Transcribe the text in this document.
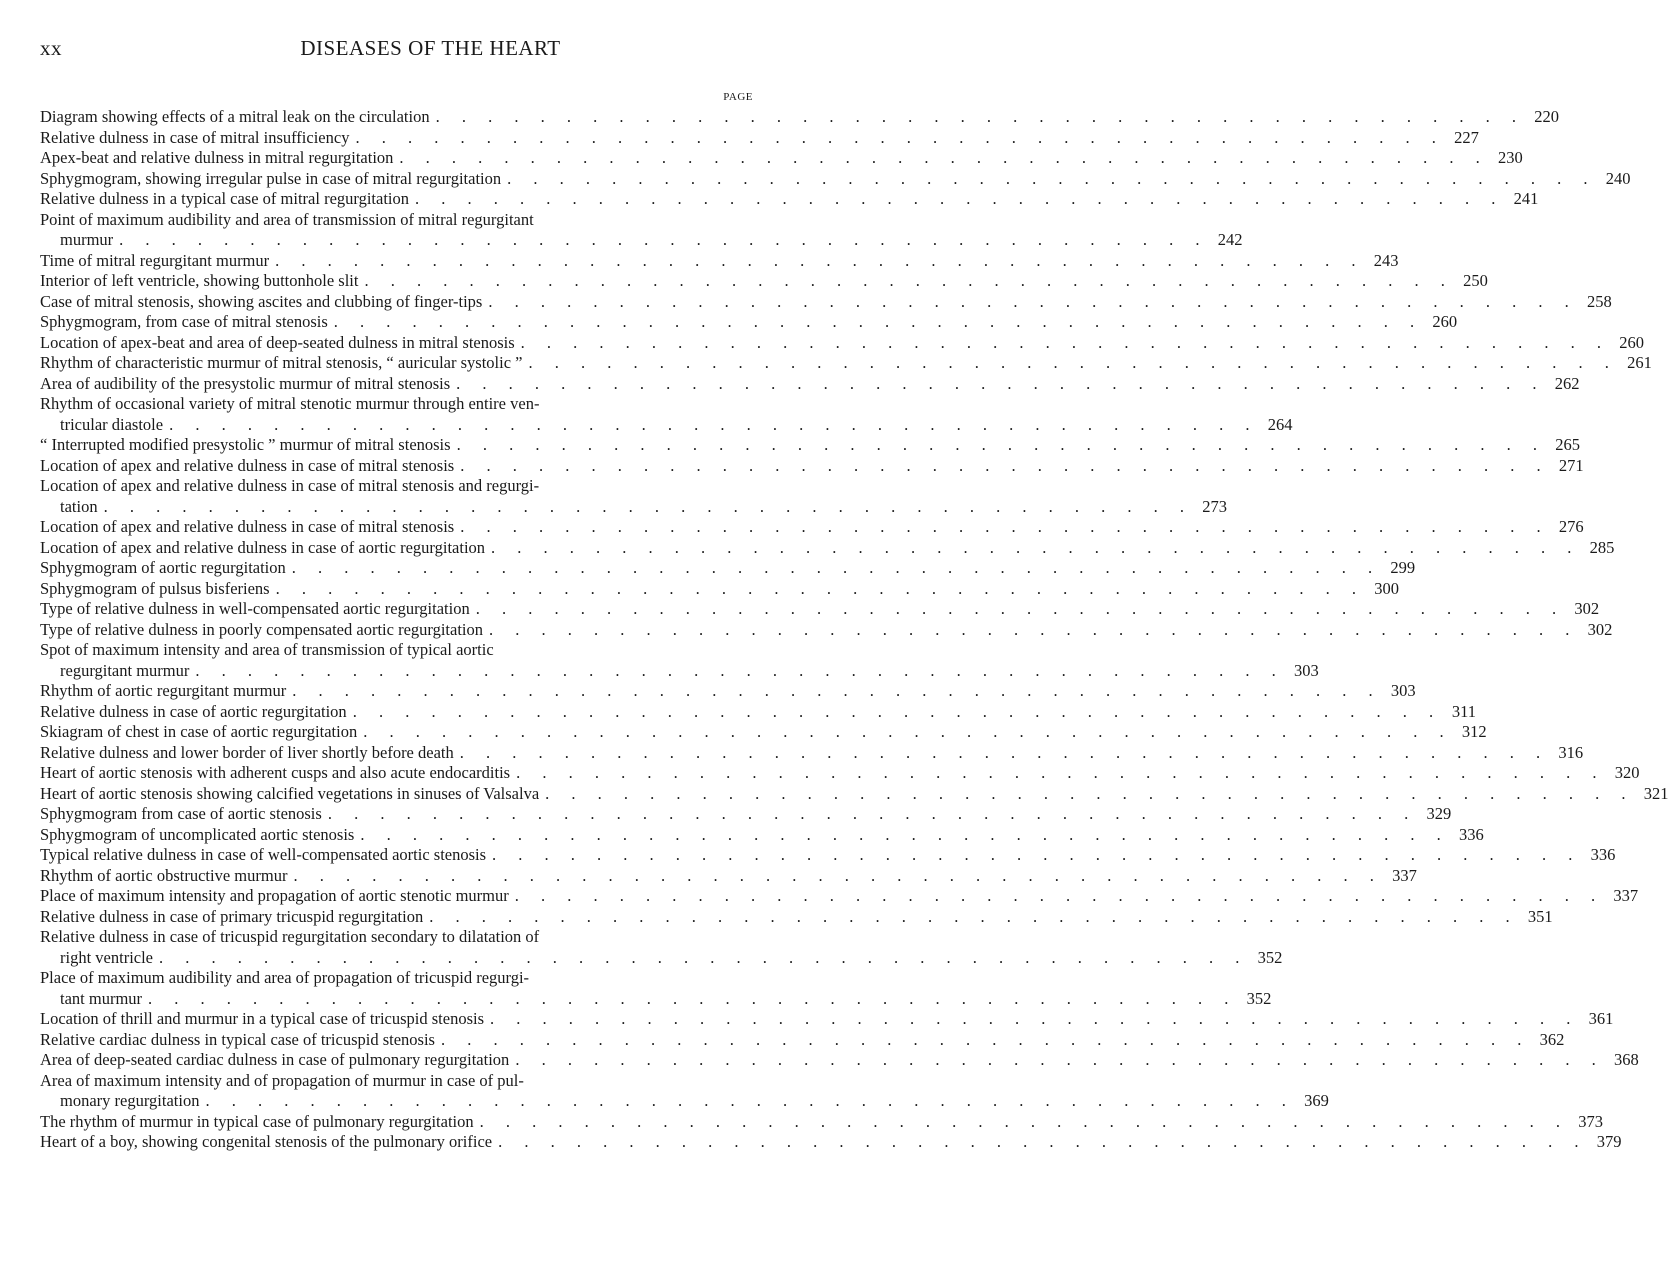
xx	DISEASES OF THE HEART
PAGE
Diagram showing effects of a mitral leak on the circulation . . . . . . . . . . . . . . . . . . . . . . . . . . . . . . . . . . . . . . . . . . 220
Relative dulness in case of mitral insufficiency . . . . . . . . . . . . . . . . . . . . . . . . . . . . . . . . . . . . . . . . . . 227
Apex-beat and relative dulness in mitral regurgitation . . . . . . . . . . . . . . . . . . . . . . . . . . . . . . . . . . . . . . . . . . 230
Sphygmogram, showing irregular pulse in case of mitral regurgitation . . . . . . . . . . . . . . . . . . . . . . . . . . . . . . . . . . . . . . . . . . 240
Relative dulness in a typical case of mitral regurgitation . . . . . . . . . . . . . . . . . . . . . . . . . . . . . . . . . . . . . . . . . . 241
Point of maximum audibility and area of transmission of mitral regurgitant
murmur . . . . . . . . . . . . . . . . . . . . . . . . . . . . . . . . . . . . . . . . . . 242
Time of mitral regurgitant murmur . . . . . . . . . . . . . . . . . . . . . . . . . . . . . . . . . . . . . . . . . . 243
Interior of left ventricle, showing buttonhole slit . . . . . . . . . . . . . . . . . . . . . . . . . . . . . . . . . . . . . . . . . . 250
Case of mitral stenosis, showing ascites and clubbing of finger-tips . . . . . . . . . . . . . . . . . . . . . . . . . . . . . . . . . . . . . . . . . . 258
Sphygmogram, from case of mitral stenosis . . . . . . . . . . . . . . . . . . . . . . . . . . . . . . . . . . . . . . . . . . 260
Location of apex-beat and area of deep-seated dulness in mitral stenosis . . . . . . . . . . . . . . . . . . . . . . . . . . . . . . . . . . . . . . . . . . 260
Rhythm of characteristic murmur of mitral stenosis, “ auricular systolic ” . . . . . . . . . . . . . . . . . . . . . . . . . . . . . . . . . . . . . . . . . . 261
Area of audibility of the presystolic murmur of mitral stenosis . . . . . . . . . . . . . . . . . . . . . . . . . . . . . . . . . . . . . . . . . . 262
Rhythm of occasional variety of mitral stenotic murmur through entire ven-
tricular diastole . . . . . . . . . . . . . . . . . . . . . . . . . . . . . . . . . . . . . . . . . . 264
“ Interrupted modified presystolic ” murmur of mitral stenosis . . . . . . . . . . . . . . . . . . . . . . . . . . . . . . . . . . . . . . . . . . 265
Location of apex and relative dulness in case of mitral stenosis . . . . . . . . . . . . . . . . . . . . . . . . . . . . . . . . . . . . . . . . . . 271
Location of apex and relative dulness in case of mitral stenosis and regurgi-
tation . . . . . . . . . . . . . . . . . . . . . . . . . . . . . . . . . . . . . . . . . . 273
Location of apex and relative dulness in case of mitral stenosis . . . . . . . . . . . . . . . . . . . . . . . . . . . . . . . . . . . . . . . . . . 276
Location of apex and relative dulness in case of aortic regurgitation . . . . . . . . . . . . . . . . . . . . . . . . . . . . . . . . . . . . . . . . . . 285
Sphygmogram of aortic regurgitation . . . . . . . . . . . . . . . . . . . . . . . . . . . . . . . . . . . . . . . . . . 299
Sphygmogram of pulsus bisferiens . . . . . . . . . . . . . . . . . . . . . . . . . . . . . . . . . . . . . . . . . . 300
Type of relative dulness in well-compensated aortic regurgitation . . . . . . . . . . . . . . . . . . . . . . . . . . . . . . . . . . . . . . . . . . 302
Type of relative dulness in poorly compensated aortic regurgitation . . . . . . . . . . . . . . . . . . . . . . . . . . . . . . . . . . . . . . . . . . 302
Spot of maximum intensity and area of transmission of typical aortic
regurgitant murmur . . . . . . . . . . . . . . . . . . . . . . . . . . . . . . . . . . . . . . . . . . 303
Rhythm of aortic regurgitant murmur . . . . . . . . . . . . . . . . . . . . . . . . . . . . . . . . . . . . . . . . . . 303
Relative dulness in case of aortic regurgitation . . . . . . . . . . . . . . . . . . . . . . . . . . . . . . . . . . . . . . . . . . 311
Skiagram of chest in case of aortic regurgitation . . . . . . . . . . . . . . . . . . . . . . . . . . . . . . . . . . . . . . . . . . 312
Relative dulness and lower border of liver shortly before death . . . . . . . . . . . . . . . . . . . . . . . . . . . . . . . . . . . . . . . . . . 316
Heart of aortic stenosis with adherent cusps and also acute endocarditis . . . . . . . . . . . . . . . . . . . . . . . . . . . . . . . . . . . . . . . . . . 320
Heart of aortic stenosis showing calcified vegetations in sinuses of Valsalva . . . . . . . . . . . . . . . . . . . . . . . . . . . . . . . . . . . . . . . . . . 321
Sphygmogram from case of aortic stenosis . . . . . . . . . . . . . . . . . . . . . . . . . . . . . . . . . . . . . . . . . . 329
Sphygmogram of uncomplicated aortic stenosis . . . . . . . . . . . . . . . . . . . . . . . . . . . . . . . . . . . . . . . . . . 336
Typical relative dulness in case of well-compensated aortic stenosis . . . . . . . . . . . . . . . . . . . . . . . . . . . . . . . . . . . . . . . . . . 336
Rhythm of aortic obstructive murmur . . . . . . . . . . . . . . . . . . . . . . . . . . . . . . . . . . . . . . . . . . 337
Place of maximum intensity and propagation of aortic stenotic murmur . . . . . . . . . . . . . . . . . . . . . . . . . . . . . . . . . . . . . . . . . . 337
Relative dulness in case of primary tricuspid regurgitation . . . . . . . . . . . . . . . . . . . . . . . . . . . . . . . . . . . . . . . . . . 351
Relative dulness in case of tricuspid regurgitation secondary to dilatation of
right ventricle . . . . . . . . . . . . . . . . . . . . . . . . . . . . . . . . . . . . . . . . . . 352
Place of maximum audibility and area of propagation of tricuspid regurgi-
tant murmur . . . . . . . . . . . . . . . . . . . . . . . . . . . . . . . . . . . . . . . . . . 352
Location of thrill and murmur in a typical case of tricuspid stenosis . . . . . . . . . . . . . . . . . . . . . . . . . . . . . . . . . . . . . . . . . . 361
Relative cardiac dulness in typical case of tricuspid stenosis . . . . . . . . . . . . . . . . . . . . . . . . . . . . . . . . . . . . . . . . . . 362
Area of deep-seated cardiac dulness in case of pulmonary regurgitation . . . . . . . . . . . . . . . . . . . . . . . . . . . . . . . . . . . . . . . . . . 368
Area of maximum intensity and of propagation of murmur in case of pul-
monary regurgitation . . . . . . . . . . . . . . . . . . . . . . . . . . . . . . . . . . . . . . . . . . 369
The rhythm of murmur in typical case of pulmonary regurgitation . . . . . . . . . . . . . . . . . . . . . . . . . . . . . . . . . . . . . . . . . . 373
Heart of a boy, showing congenital stenosis of the pulmonary orifice . . . . . . . . . . . . . . . . . . . . . . . . . . . . . . . . . . . . . . . . . . 379
